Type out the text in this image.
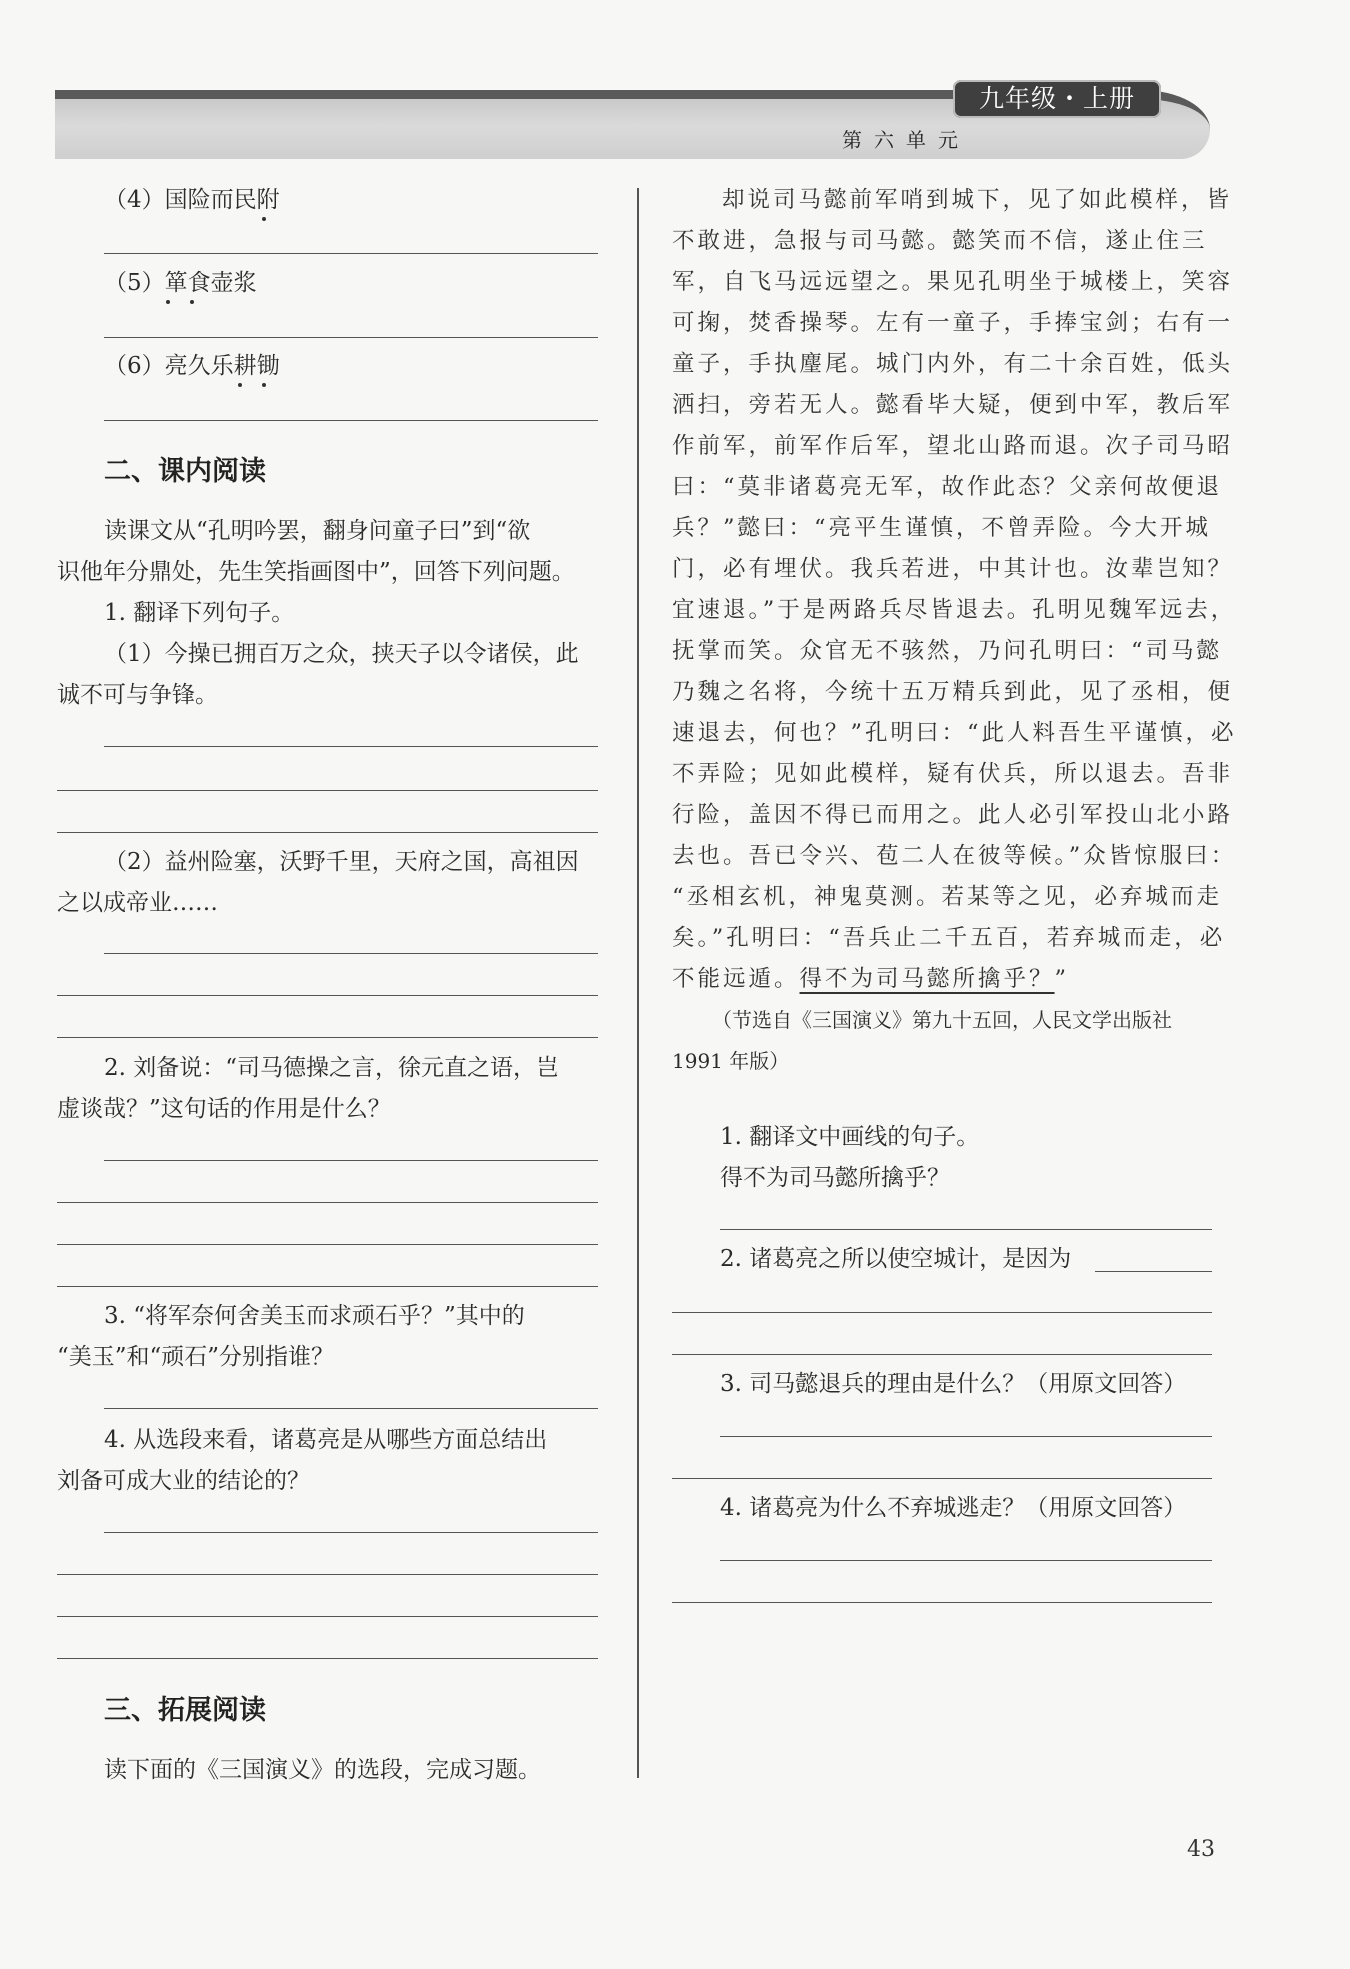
九年级・上册
第六单元
（4）国险而民附
（5）箪食壶浆
（6）亮久乐耕锄
二、课内阅读
读课文从“孔明吟罢，翻身问童子曰”到“欲
识他年分鼎处，先生笑指画图中”，回答下列问题。
1. 翻译下列句子。
（1）今操已拥百万之众，挟天子以令诸侯，此
诚不可与争锋。
（2）益州险塞，沃野千里，天府之国，高祖因
之以成帝业……
2. 刘备说：“司马德操之言，徐元直之语，岂
虚谈哉？”这句话的作用是什么？
3. “将军奈何舍美玉而求顽石乎？”其中的
“美玉”和“顽石”分别指谁？
4. 从选段来看，诸葛亮是从哪些方面总结出
刘备可成大业的结论的？
三、拓展阅读
读下面的《三国演义》的选段，完成习题。
却说司马懿前军哨到城下，见了如此模样，皆
不敢进，急报与司马懿。懿笑而不信，遂止住三
军，自飞马远远望之。果见孔明坐于城楼上，笑容
可掬，焚香操琴。左有一童子，手捧宝剑；右有一
童子，手执麈尾。城门内外，有二十余百姓，低头
洒扫，旁若无人。懿看毕大疑，便到中军，教后军
作前军，前军作后军，望北山路而退。次子司马昭
曰：“莫非诸葛亮无军，故作此态？父亲何故便退
兵？”懿曰：“亮平生谨慎，不曾弄险。今大开城
门，必有埋伏。我兵若进，中其计也。汝辈岂知？
宜速退。”于是两路兵尽皆退去。孔明见魏军远去，
抚掌而笑。众官无不骇然，乃问孔明曰：“司马懿
乃魏之名将，今统十五万精兵到此，见了丞相，便
速退去，何也？”孔明曰：“此人料吾生平谨慎，必
不弄险；见如此模样，疑有伏兵，所以退去。吾非
行险，盖因不得已而用之。此人必引军投山北小路
去也。吾已令兴、苞二人在彼等候。”众皆惊服曰：
“丞相玄机，神鬼莫测。若某等之见，必弃城而走
矣。”孔明曰：“吾兵止二千五百，若弃城而走，必
不能远遁。得不为司马懿所擒乎？”
（节选自《三国演义》第九十五回，人民文学出版社
1991 年版）
1. 翻译文中画线的句子。
得不为司马懿所擒乎？
2. 诸葛亮之所以使空城计，是因为
3. 司马懿退兵的理由是什么？（用原文回答）
4. 诸葛亮为什么不弃城逃走？（用原文回答）
43
